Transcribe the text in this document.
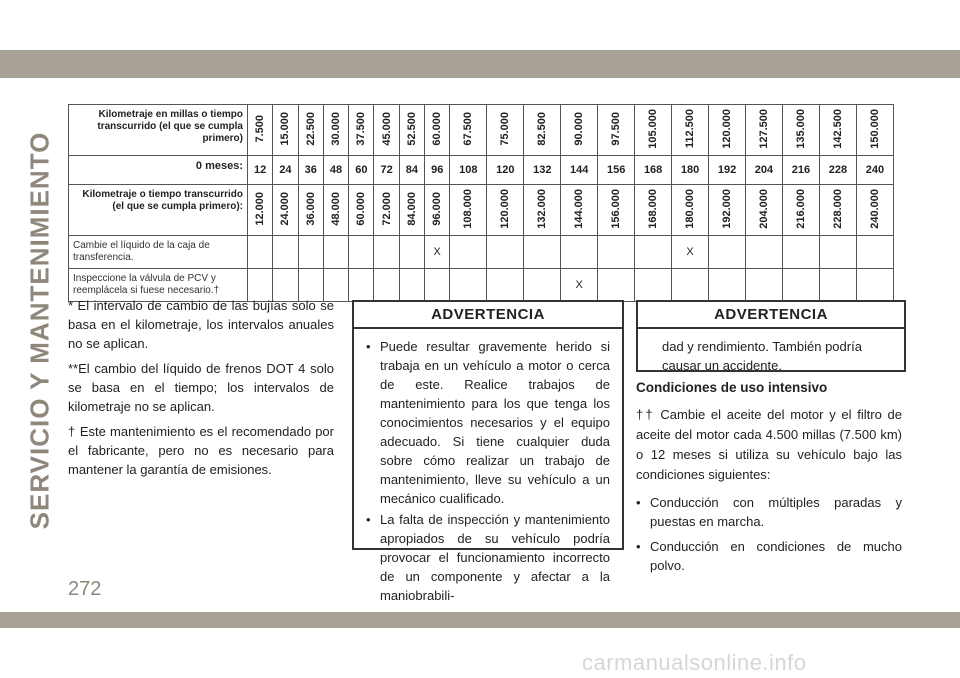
SERVICIO Y MANTENIMIENTO
Kilometraje en millas o tiempo transcurrido (el que se cumpla primero)	7.500	15.000	22.500	30.000	37.500	45.000	52.500	60.000	67.500	75.000	82.500	90.000	97.500	105.000	112.500	120.000	127.500	135.000	142.500	150.000
0 meses:	12	24	36	48	60	72	84	96	108	120	132	144	156	168	180	192	204	216	228	240
Kilometraje o tiempo transcurrido (el que se cumpla primero):	12.000	24.000	36.000	48.000	60.000	72.000	84.000	96.000	108.000	120.000	132.000	144.000	156.000	168.000	180.000	192.000	204.000	216.000	228.000	240.000
Cambie el líquido de la caja de transferencia.								X							X					
Inspeccione la válvula de PCV y reemplácela si fuese necesario.†												X								

* El intervalo de cambio de las bujías solo se basa en el kilometraje, los intervalos anuales no se aplican.

**El cambio del líquido de frenos DOT 4 solo se basa en el tiempo; los intervalos de kilometraje no se aplican.

† Este mantenimiento es el recomendado por el fabricante, pero no es necesario para mantener la garantía de emisiones.

ADVERTENCIA
• Puede resultar gravemente herido si trabaja en un vehículo a motor o cerca de este. Realice trabajos de mantenimiento para los que tenga los conocimientos necesarios y el equipo adecuado. Si tiene cualquier duda sobre cómo realizar un trabajo de mantenimiento, lleve su vehículo a un mecánico cualificado.
• La falta de inspección y mantenimiento apropiados de su vehículo podría provocar el funcionamiento incorrecto de un componente y afectar a la maniobrabili-
ADVERTENCIA
dad y rendimiento. También podría causar un accidente.
Condiciones de uso intensivo

†† Cambie el aceite del motor y el filtro de aceite del motor cada 4.500 millas (7.500 km) o 12 meses si utiliza su vehículo bajo las condiciones siguientes:

• Conducción con múltiples paradas y puestas en marcha.
• Conducción en condiciones de mucho polvo.
272
carmanualsonline.info
